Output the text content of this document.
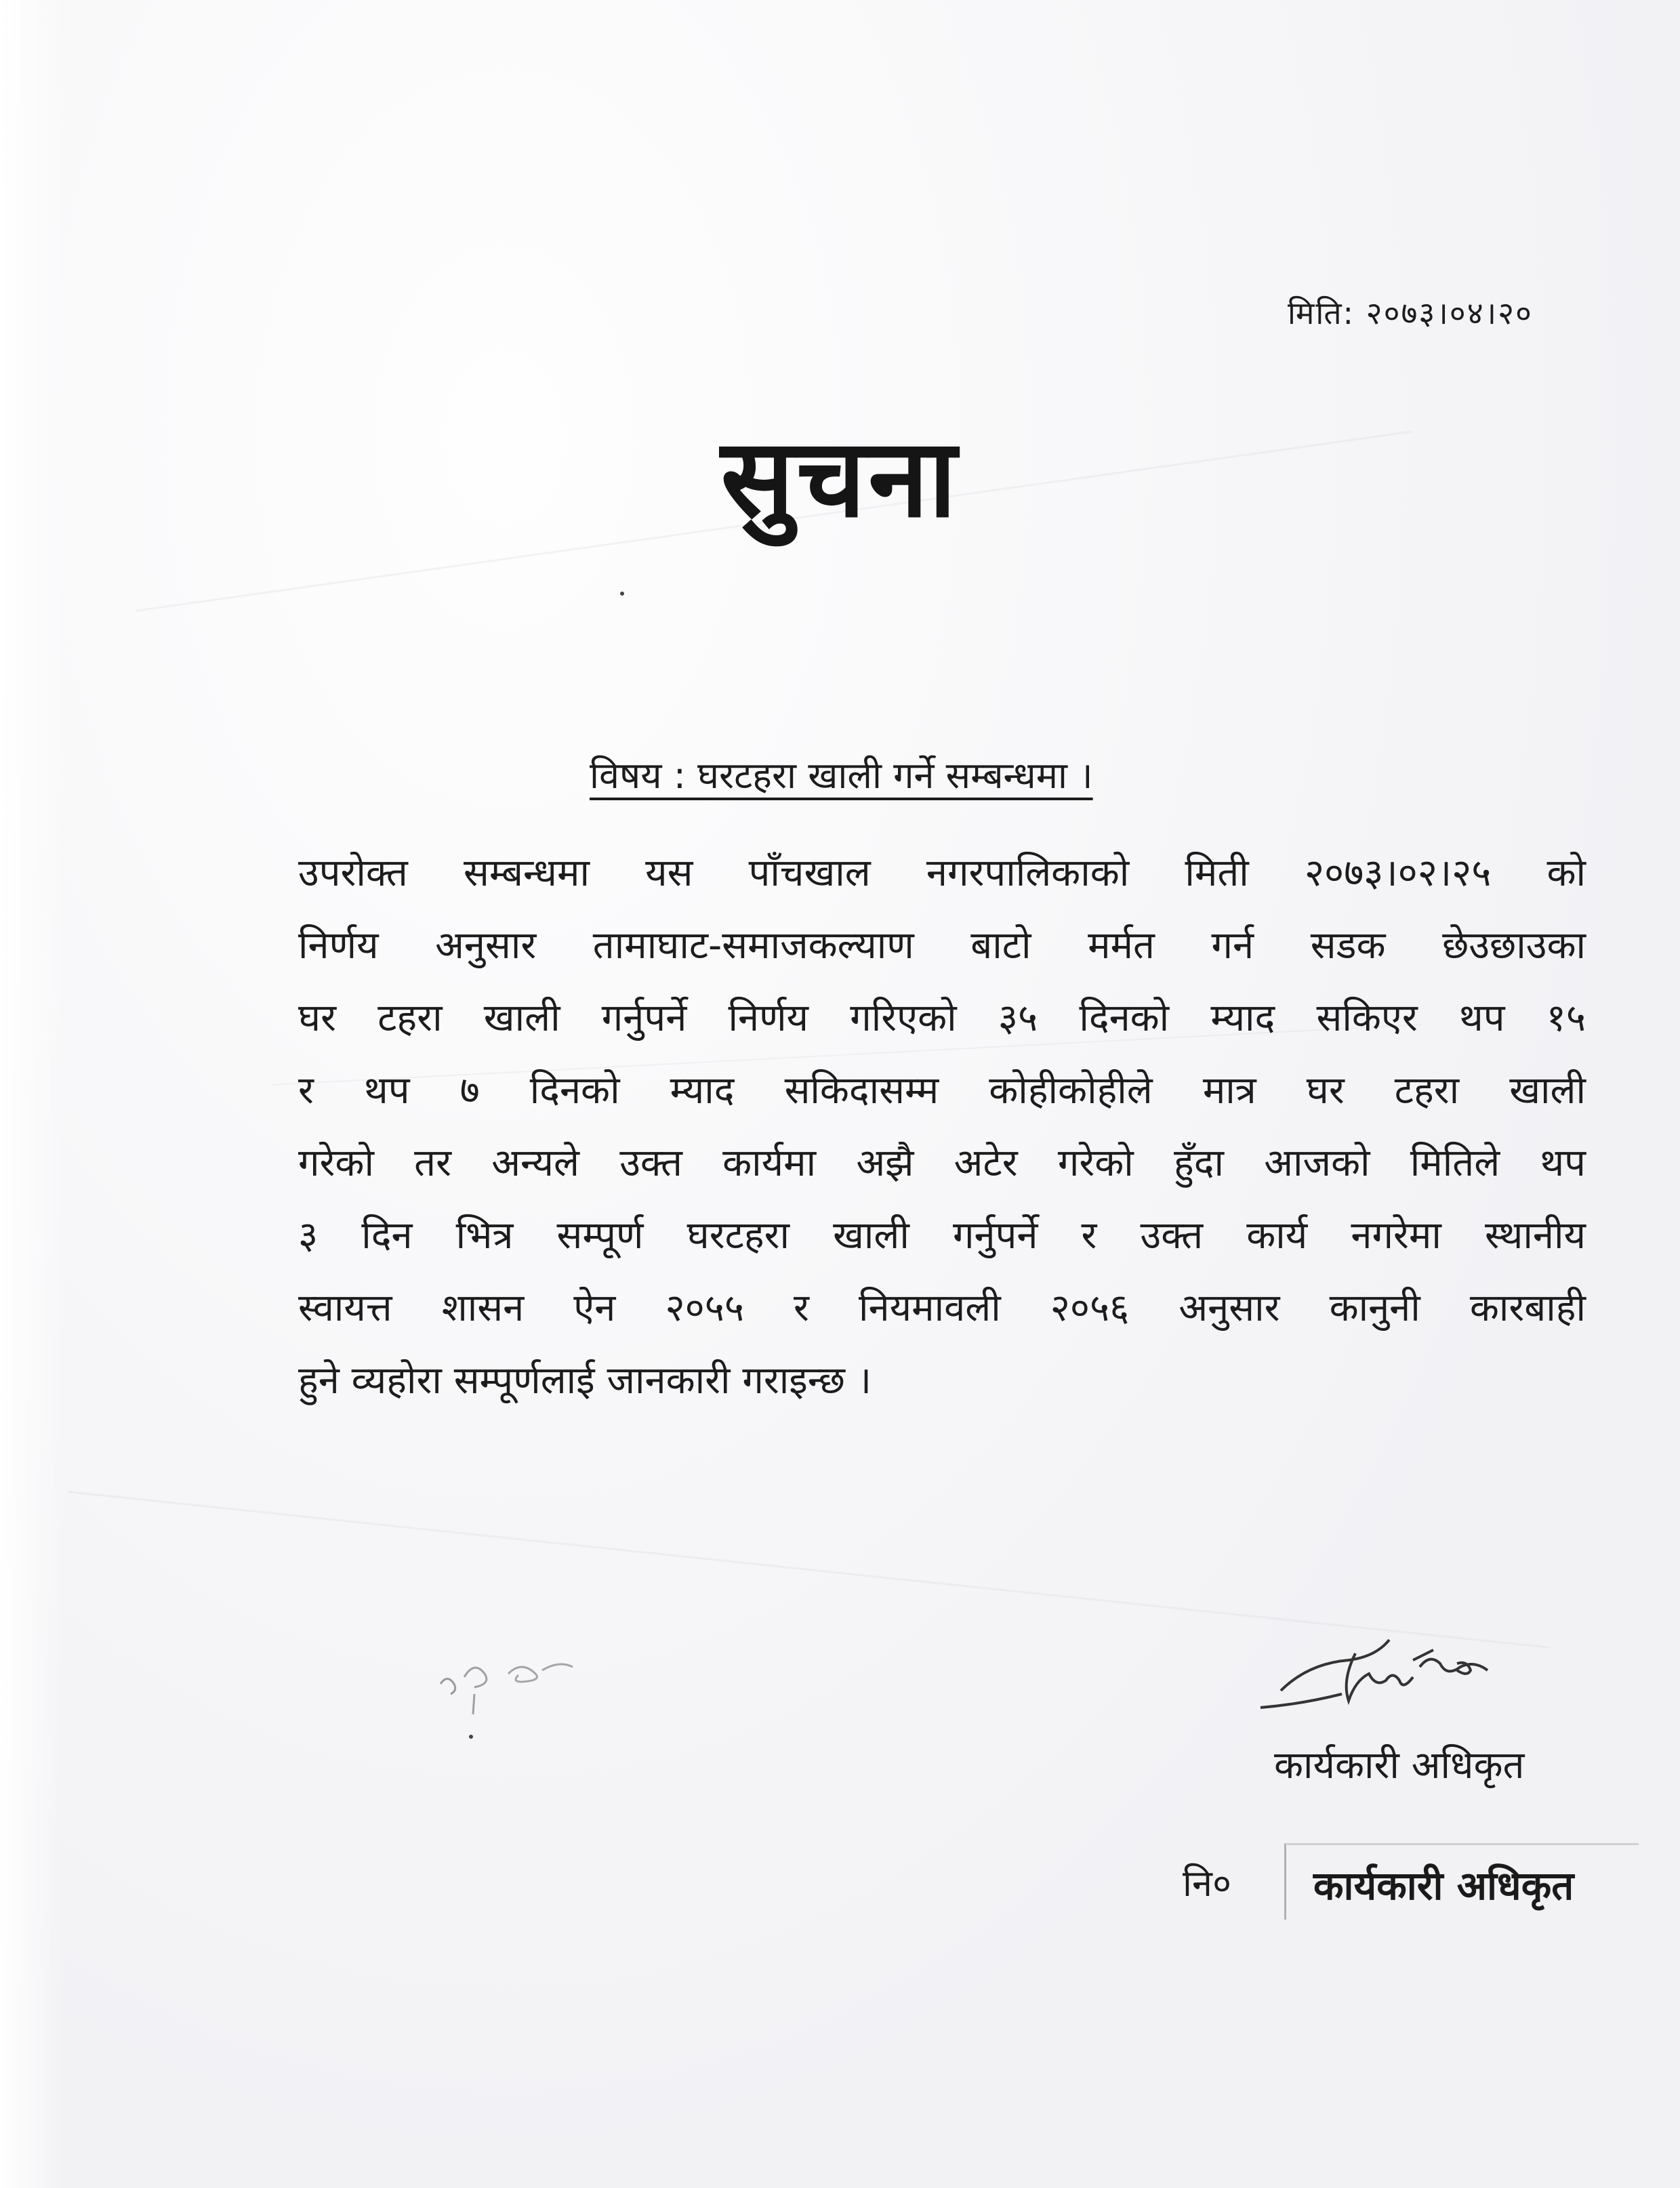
मिति: २०७३।०४।२०
सुचना
विषय : घरटहरा खाली गर्ने सम्बन्धमा ।
उपरोक्त सम्बन्धमा यस पाँचखाल नगरपालिकाको मिती २०७३।०२।२५ को
निर्णय अनुसार तामाघाट-समाजकल्याण बाटो मर्मत गर्न सडक छेउछाउका
घर टहरा खाली गर्नुपर्ने निर्णय गरिएको ३५ दिनको म्याद सकिएर थप १५
र थप ७ दिनको म्याद सकिदासम्म कोहीकोहीले मात्र घर टहरा खाली
गरेको तर अन्यले उक्त कार्यमा अझै अटेर गरेको हुँदा आजको मितिले थप
३ दिन भित्र सम्पूर्ण घरटहरा खाली गर्नुपर्ने र उक्त कार्य नगरेमा स्थानीय
स्वायत्त शासन ऐन २०५५ र नियमावली २०५६ अनुसार कानुनी कारबाही
हुने व्यहोरा सम्पूर्णलाई जानकारी गराइन्छ ।
कार्यकारी अधिकृत
नि० कार्यकारी अधिकृत
